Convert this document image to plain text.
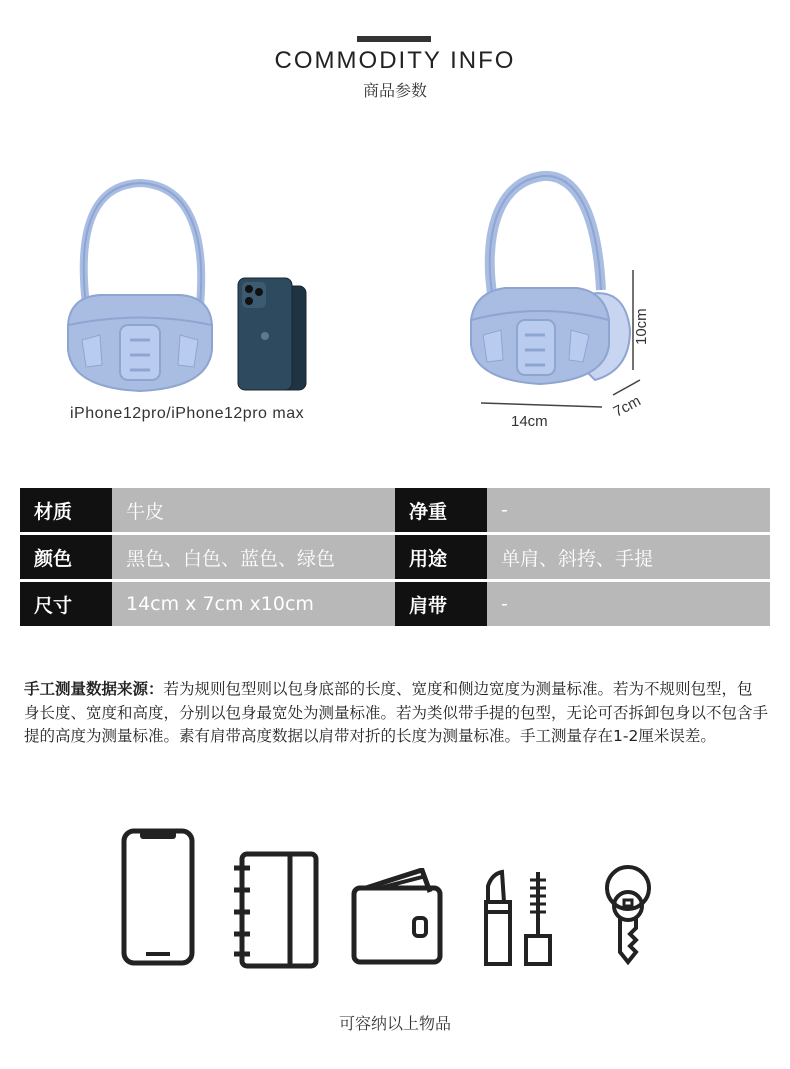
COMMODITY INFO
商品参数
iPhone12pro/iPhone12pro max	14cm
10cm
7cm
材质	牛皮	净重	-
颜色	黑色、白色、蓝色、绿色	用途	单肩、斜挎、手提
尺寸	14cm x 7cm x10cm	肩带	-
手工测量数据来源：若为规则包型则以包身底部的长度、宽度和侧边宽度为测量标准。若为不规则包型，包身长度、宽度和高度，分别以包身最宽处为测量标准。若为类似带手提的包型，无论可否拆卸包身以不包含手提的高度为测量标准。素有肩带高度数据以肩带对折的长度为测量标准。手工测量存在1-2厘米误差。
可容纳以上物品
